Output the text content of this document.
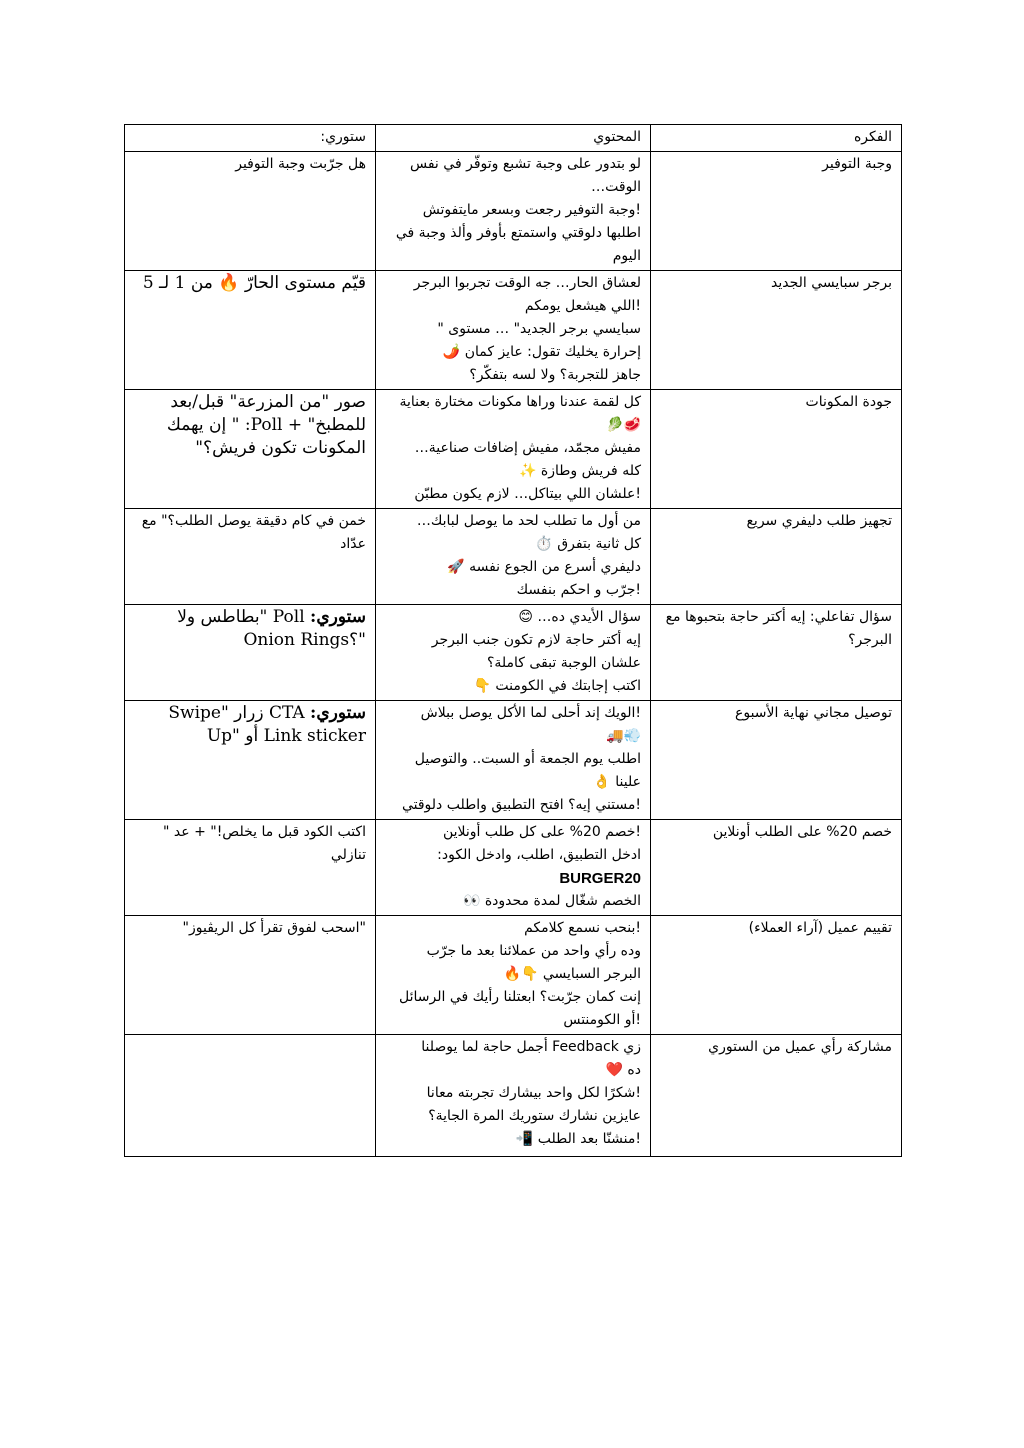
الفكره	المحتوي	ستوري:

وجبة التوفير	لو بتدور على وجبة تشبع وتوفّر في نفس الوقت…
!وجبة التوفير رجعت وبسعر مايتفوتش
اطلبها دلوقتي واستمتع بأوفر وألذ وجبة في اليوم	هل جرّبت وجبة التوفير

برجر سبايسي الجديد	لعشاق الحار… جه الوقت تجربوا البرجر
!اللي هيشعل يومكم
سبايسي برجر الجديد" … مستوى "
إحرارة يخليك تقول: عايز كمان 🌶️
جاهز للتجربة؟ ولا لسه بتفكّر؟	قيّم مستوى الحارّ 🔥 من 1 لـ 5

جودة المكونات	كل لقمة عندنا وراها مكونات مختارة بعناية 🥩🥬
مفيش مجمّد، مفيش إضافات صناعية…
كله فريش وطازة ✨
!علشان اللي بيتاكل… لازم يكون مطبّن	صور "من المزرعة" قبل/بعد
للمطبخ" + Poll: " إن يهمك
المكونات تكون فريش؟"

تجهيز طلب دليفري سريع	من أول ما تطلب لحد ما يوصل لبابك…
كل ثانية بتفرق ⏱️
دليفري أسرع من الجوع نفسه 🚀
!جرّب و احكم بنفسك	خمن في كام دقيقة يوصل الطلب؟" مع
عدّاد

سؤال تفاعلي: إيه أكتر حاجة بتحبوها مع البرجر؟	سؤال الأيدي ده… 😊
إيه أكتر حاجة لازم تكون جنب البرجر
علشان الوجبة تبقى كاملة؟
اكتب إجابتك في الكومنت 👇	ستوري: Poll "بطاطس ولا
Onion Rings؟"

توصيل مجاني نهاية الأسبوع	!الويك إند أحلى لما الأكل يوصل ببلاش
🚚💨
اطلب يوم الجمعة أو السبت.. والتوصيل
علينا 👌
!مستني إيه؟ افتح التطبيق واطلب دلوقتي	ستوري: CTA زرار "Swipe
Up" أو Link sticker

خصم 20% على الطلب أونلاين	!خصم 20% على كل طلب أونلاين
ادخل التطبيق، اطلب، وادخل الكود:
BURGER20
الخصم شغّال لمدة محدودة 👀	اكتب الكود قبل ما يخلص!" + عد "
تنازلي

تقييم عميل (آراء العملاء)	!بنحب نسمع كلامكم
وده رأي واحد من عملائنا بعد ما جرّب
البرجر السبايسي 👇🔥
إنت كمان جرّبت؟ ابعتلنا رأيك في الرسائل
!أو الكومنتس	"اسحب لفوق تقرأ كل الريڤيوز"

مشاركة رأي عميل من الستوري	زي Feedback أجمل حاجة لما يوصلنا
ده ❤️
!شكرًا لكل واحد بيشارك تجربته معانا
عايزين نشارك ستوريك المرة الجاية؟
!منشنّا بعد الطلب 📲	
